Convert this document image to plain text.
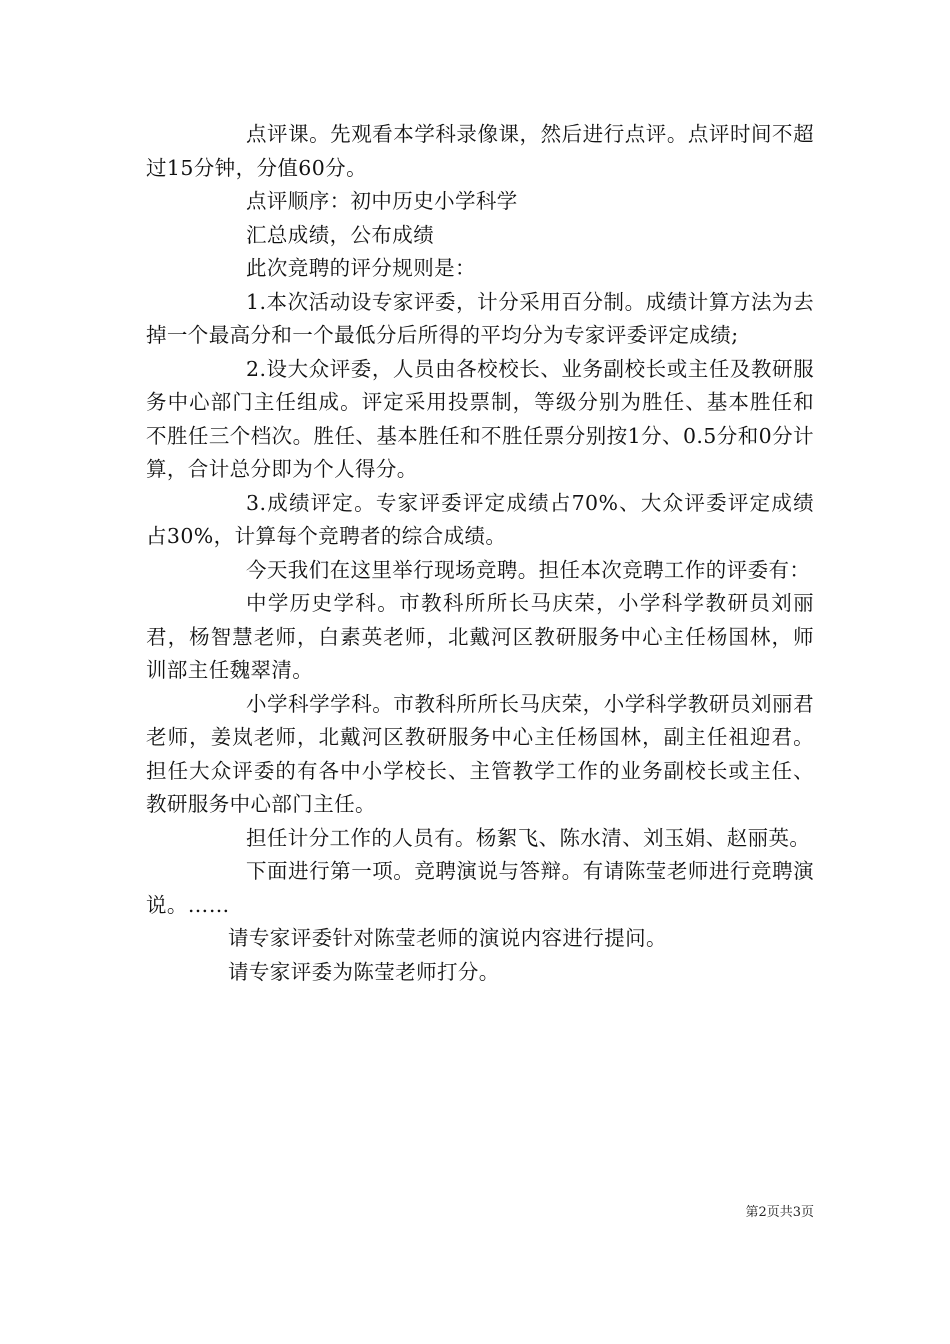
点评课。先观看本学科录像课，然后进行点评。点评时间不超过15分钟，分值60分。

点评顺序：初中历史小学科学

汇总成绩，公布成绩

此次竞聘的评分规则是：

1.本次活动设专家评委，计分采用百分制。成绩计算方法为去掉一个最高分和一个最低分后所得的平均分为专家评委评定成绩;

2.设大众评委，人员由各校校长、业务副校长或主任及教研服务中心部门主任组成。评定采用投票制，等级分别为胜任、基本胜任和不胜任三个档次。胜任、基本胜任和不胜任票分别按1分、0.5分和0分计算，合计总分即为个人得分。

3.成绩评定。专家评委评定成绩占70%、大众评委评定成绩占30%，计算每个竞聘者的综合成绩。

今天我们在这里举行现场竞聘。担任本次竞聘工作的评委有：

中学历史学科。市教科所所长马庆荣，小学科学教研员刘丽君，杨智慧老师，白素英老师，北戴河区教研服务中心主任杨国林，师训部主任魏翠清。

小学科学学科。市教科所所长马庆荣，小学科学教研员刘丽君老师，姜岚老师，北戴河区教研服务中心主任杨国林，副主任祖迎君。担任大众评委的有各中小学校长、主管教学工作的业务副校长或主任、教研服务中心部门主任。

担任计分工作的人员有。杨絮飞、陈水清、刘玉娟、赵丽英。

下面进行第一项。竞聘演说与答辩。有请陈莹老师进行竞聘演说。……

请专家评委针对陈莹老师的演说内容进行提问。

请专家评委为陈莹老师打分。

第2页共3页
